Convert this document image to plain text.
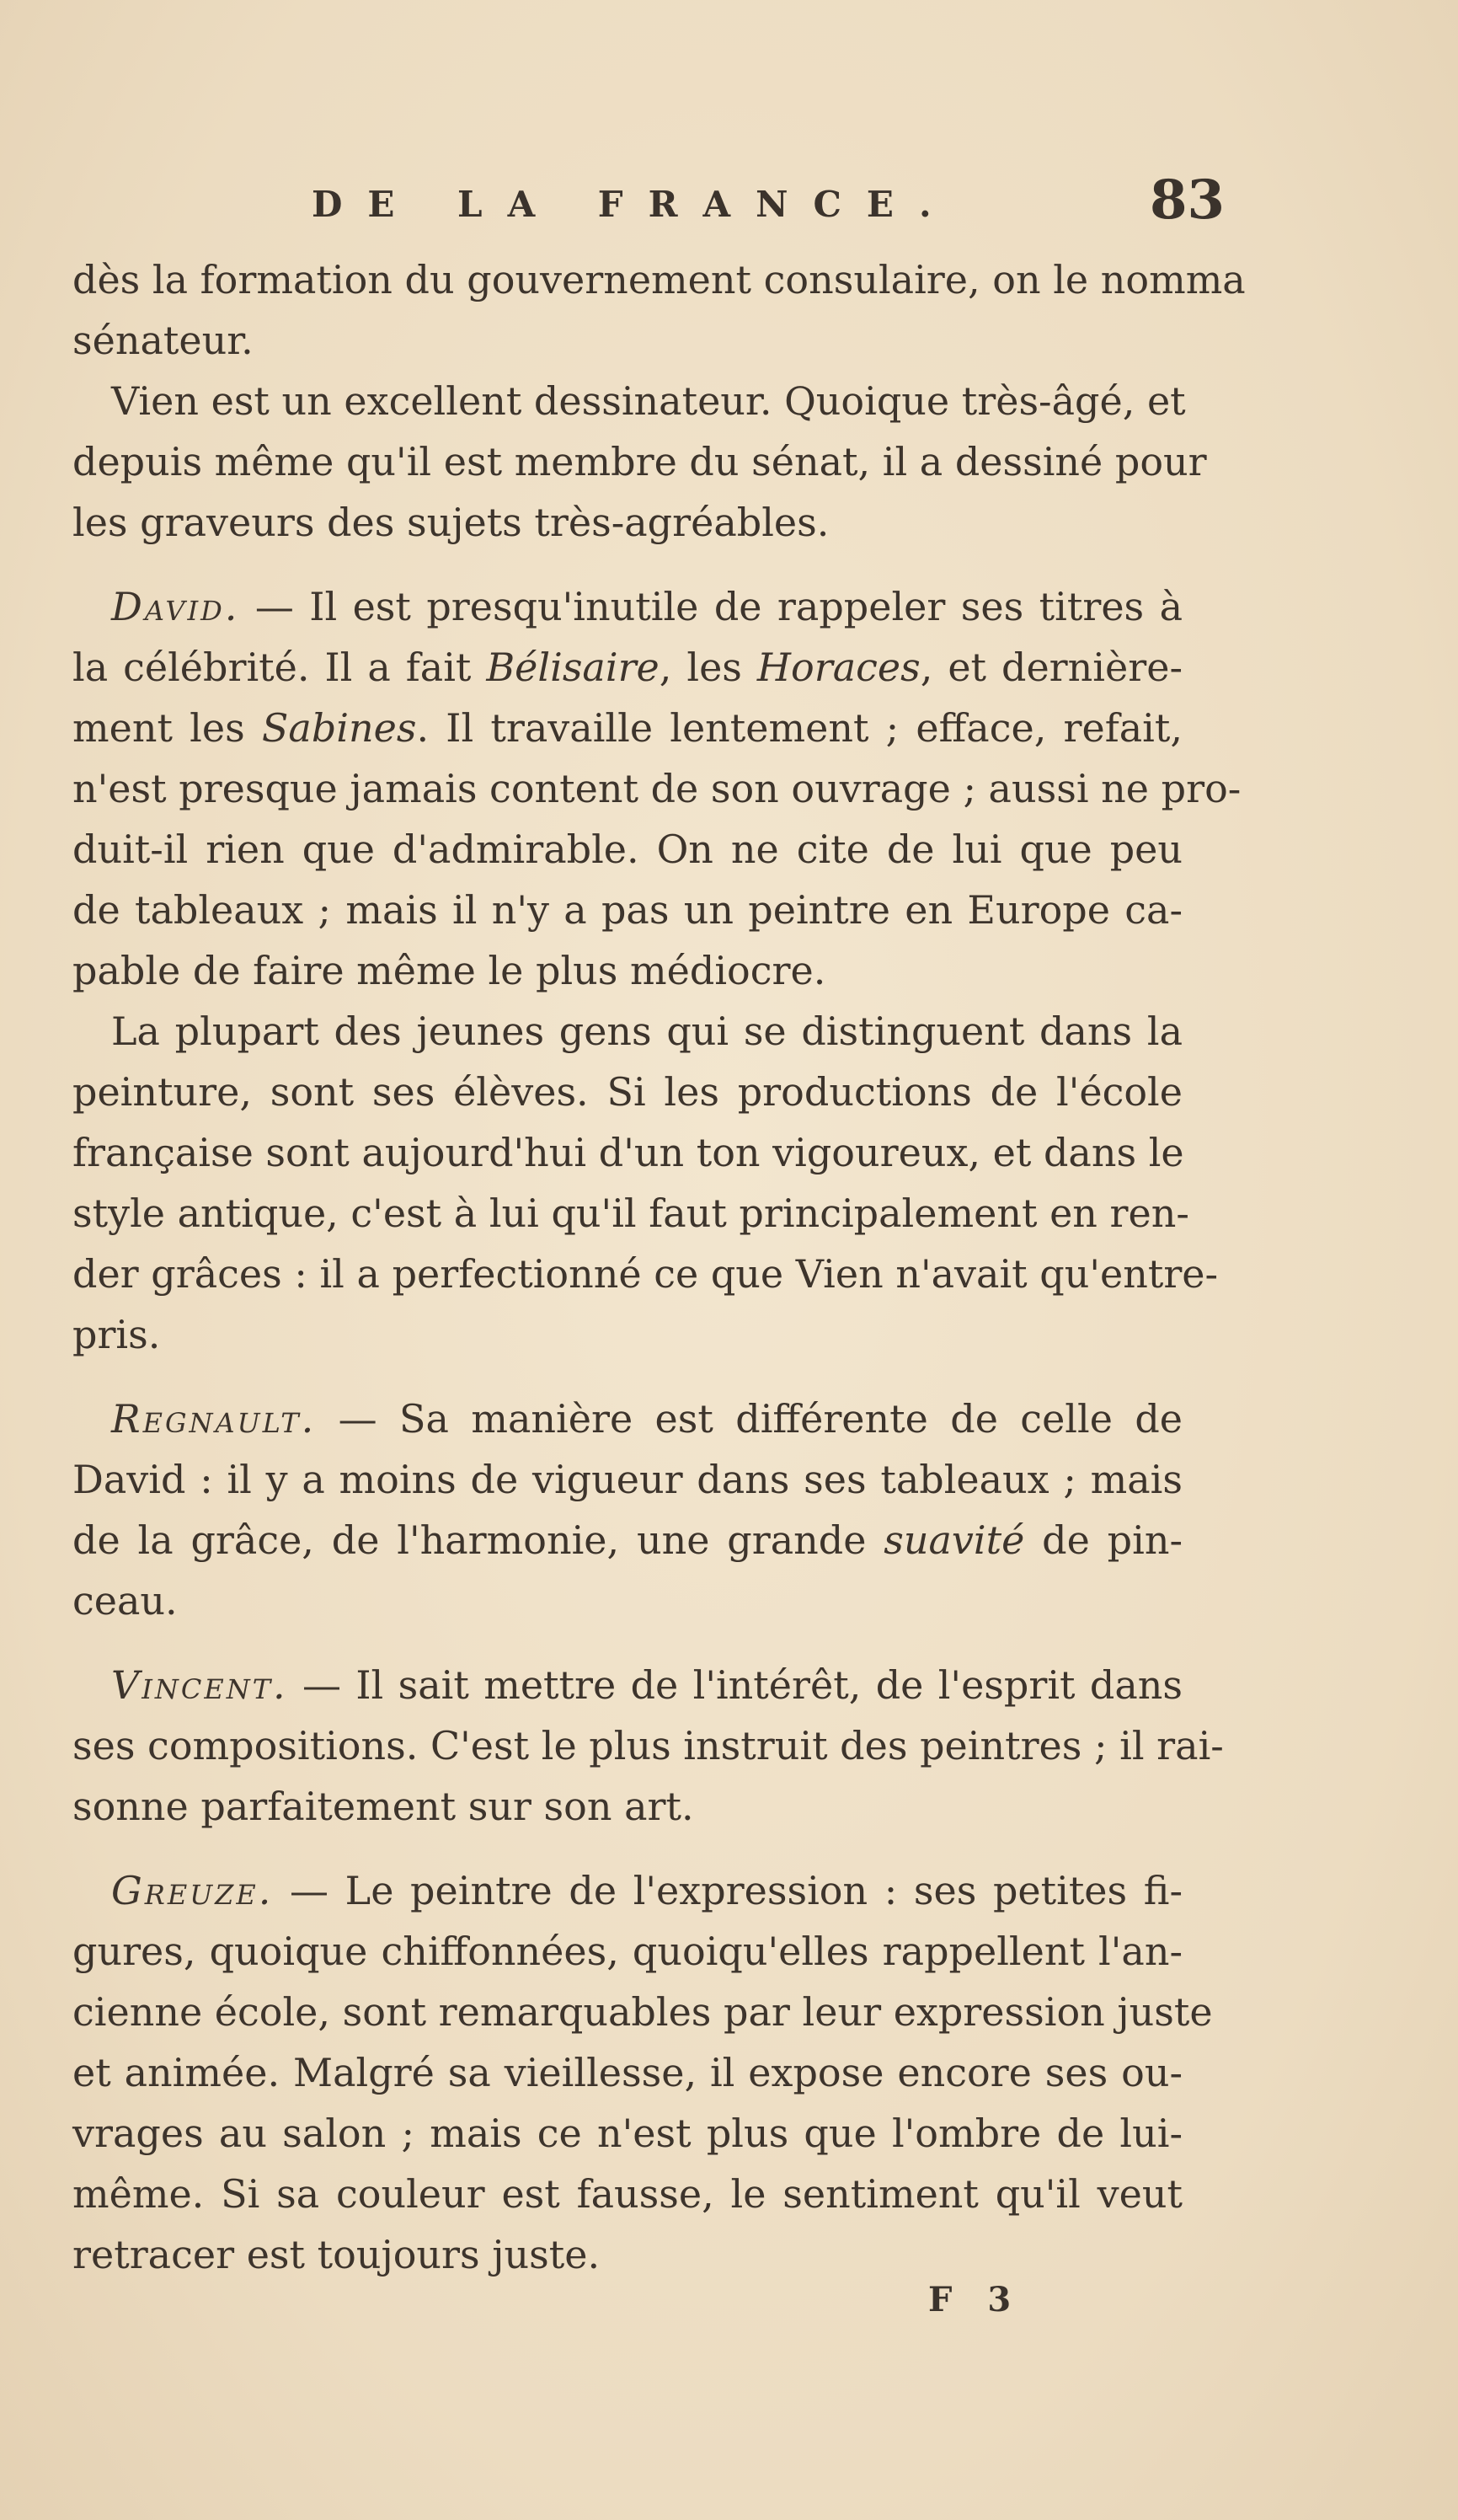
DE LA FRANCE.	83
dès la formation du gouvernement consulaire, on le nomma
sénateur.
Vien est un excellent dessinateur. Quoique très-âgé, et
depuis même qu'il est membre du sénat, il a dessiné pour
les graveurs des sujets très-agréables.
David. — Il est presqu'inutile de rappeler ses titres à
la célébrité. Il a fait Bélisaire, les Horaces, et dernière-
ment les Sabines. Il travaille lentement ; efface, refait,
n'est presque jamais content de son ouvrage ; aussi ne pro-
duit-il rien que d'admirable. On ne cite de lui que peu
de tableaux ; mais il n'y a pas un peintre en Europe ca-
pable de faire même le plus médiocre.
La plupart des jeunes gens qui se distinguent dans la
peinture, sont ses élèves. Si les productions de l'école
française sont aujourd'hui d'un ton vigoureux, et dans le
style antique, c'est à lui qu'il faut principalement en ren-
der grâces : il a perfectionné ce que Vien n'avait qu'entre-
pris.
Regnault. — Sa manière est différente de celle de
David : il y a moins de vigueur dans ses tableaux ; mais
de la grâce, de l'harmonie, une grande suavité de pin-
ceau.
Vincent. — Il sait mettre de l'intérêt, de l'esprit dans
ses compositions. C'est le plus instruit des peintres ; il rai-
sonne parfaitement sur son art.
Greuze. — Le peintre de l'expression : ses petites fi-
gures, quoique chiffonnées, quoiqu'elles rappellent l'an-
cienne école, sont remarquables par leur expression juste
et animée. Malgré sa vieillesse, il expose encore ses ou-
vrages au salon ; mais ce n'est plus que l'ombre de lui-
même. Si sa couleur est fausse, le sentiment qu'il veut
retracer est toujours juste.
F 3
